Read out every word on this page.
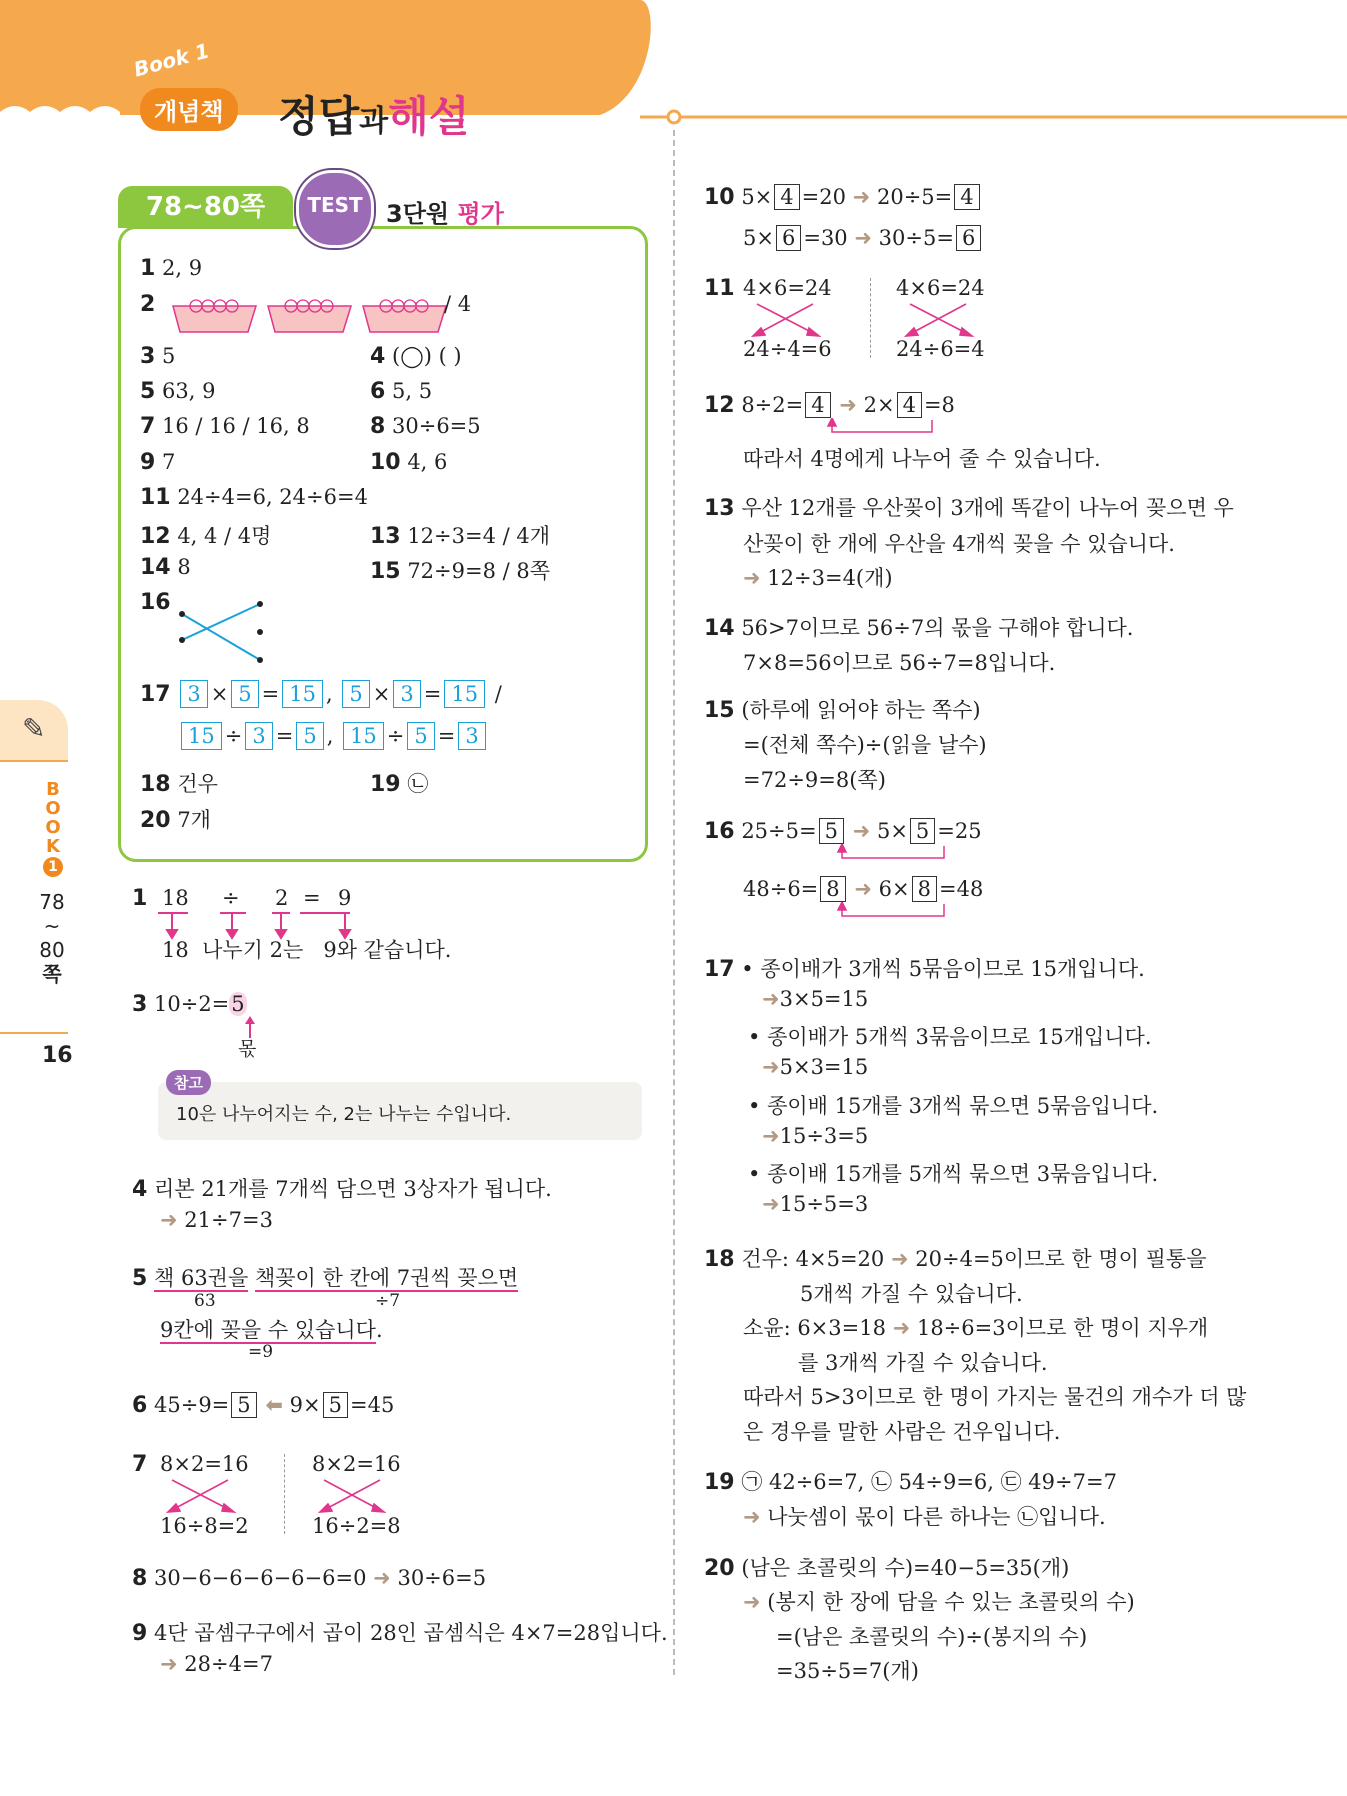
Book 1
개념책	정답과해설
✎
BOOK
1
78
~
80
쪽
16
78~80쪽	TEST 3단원 평가
1 2, 9
2	/ 4
3 5	4 (◯) ( )
5 63, 9	6 5, 5
7 16 / 16 / 16, 8	8 30÷6=5
9 7	10 4, 6
11 24÷4=6, 24÷6=4
12 4, 4 / 4명	13 12÷3=4 / 4개
14 8	15 72÷9=8 / 8쪽
16
17 3 × 5 = 15 , 5 × 3 = 15 /
15 ÷ 3 = 5 , 15 ÷ 5 = 3
18 건우	19 ㉡
20 7개
1 18 ÷ 2 = 9
18 나누기 2는 9와 같습니다.
3 10÷2=5
몫
참고
10은 나누어지는 수, 2는 나누는 수입니다.
4 리본 21개를 7개씩 담으면 3상자가 됩니다.
➜ 21÷7=3
5 책 63권을 책꽂이 한 칸에 7권씩 꽂으면
63	÷7
9칸에 꽂을 수 있습니다.
=9
6 45÷9= 5 ⬅ 9× 5 =45
7 8×2=16
16÷8=2
8×2=16
16÷2=8
8 30−6−6−6−6−6=0 ➜ 30÷6=5
9 4단 곱셈구구에서 곱이 28인 곱셈식은 4×7=28입니다.
➜ 28÷4=7
10 5× 4 =20 ➜ 20÷5= 4
5× 6 =30 ➜ 30÷5= 6
11 4×6=24
24÷4=6
4×6=24
24÷6=4
12 8÷2= 4 ➜ 2× 4 =8
따라서 4명에게 나누어 줄 수 있습니다.
13 우산 12개를 우산꽂이 3개에 똑같이 나누어 꽂으면 우
산꽂이 한 개에 우산을 4개씩 꽂을 수 있습니다.
➜ 12÷3=4(개)
14 56>7이므로 56÷7의 몫을 구해야 합니다.
7×8=56이므로 56÷7=8입니다.
15 (하루에 읽어야 하는 쪽수)
=(전체 쪽수)÷(읽을 날수)
=72÷9=8(쪽)
16 25÷5= 5 ➜ 5× 5 =25
48÷6= 8 ➜ 6× 8 =48
17 • 종이배가 3개씩 5묶음이므로 15개입니다.
➜3×5=15
• 종이배가 5개씩 3묶음이므로 15개입니다.
➜5×3=15
• 종이배 15개를 3개씩 묶으면 5묶음입니다.
➜15÷3=5
• 종이배 15개를 5개씩 묶으면 3묶음입니다.
➜15÷5=3
18 건우: 4×5=20 ➜ 20÷4=5이므로 한 명이 필통을
5개씩 가질 수 있습니다.
소윤: 6×3=18 ➜ 18÷6=3이므로 한 명이 지우개
를 3개씩 가질 수 있습니다.
따라서 5>3이므로 한 명이 가지는 물건의 개수가 더 많
은 경우를 말한 사람은 건우입니다.
19 ㉠ 42÷6=7, ㉡ 54÷9=6, ㉢ 49÷7=7
➜ 나눗셈이 몫이 다른 하나는 ㉡입니다.
20 (남은 초콜릿의 수)=40−5=35(개)
➜ (봉지 한 장에 담을 수 있는 초콜릿의 수)
=(남은 초콜릿의 수)÷(봉지의 수)
=35÷5=7(개)
